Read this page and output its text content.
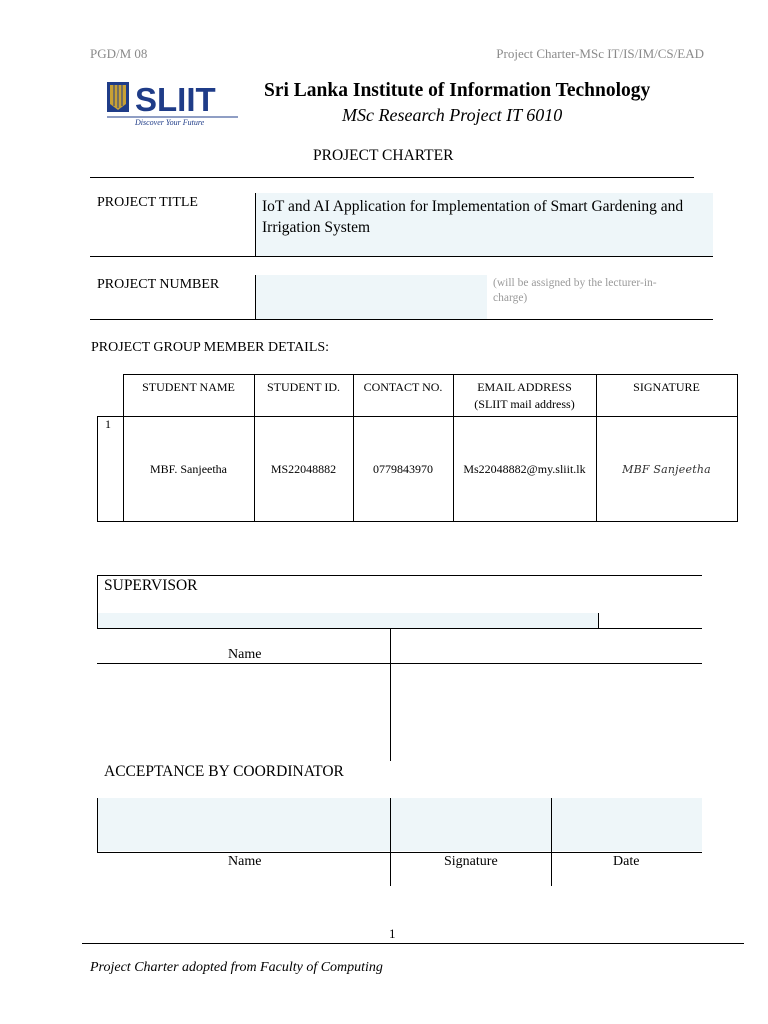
PGD/M 08	Project Charter-MSc IT/IS/IM/CS/EAD
SLIIT
Discover Your Future
Sri Lanka Institute of Information Technology
MSc Research Project IT 6010
PROJECT CHARTER
PROJECT TITLE	IoT and AI Application for Implementation of Smart Gardening and Irrigation System
PROJECT NUMBER	(will be assigned by the lecturer-in-charge)
PROJECT GROUP MEMBER DETAILS:
	STUDENT NAME	STUDENT ID.	CONTACT NO.	EMAIL ADDRESS
(SLIIT mail address)	SIGNATURE
1	MBF. Sanjeetha	MS22048882	0779843970	Ms22048882@my.sliit.lk	MBF Sanjeetha
SUPERVISOR
Name
ACCEPTANCE BY COORDINATOR
Name	Signature	Date
1
Project Charter adopted from Faculty of Computing
